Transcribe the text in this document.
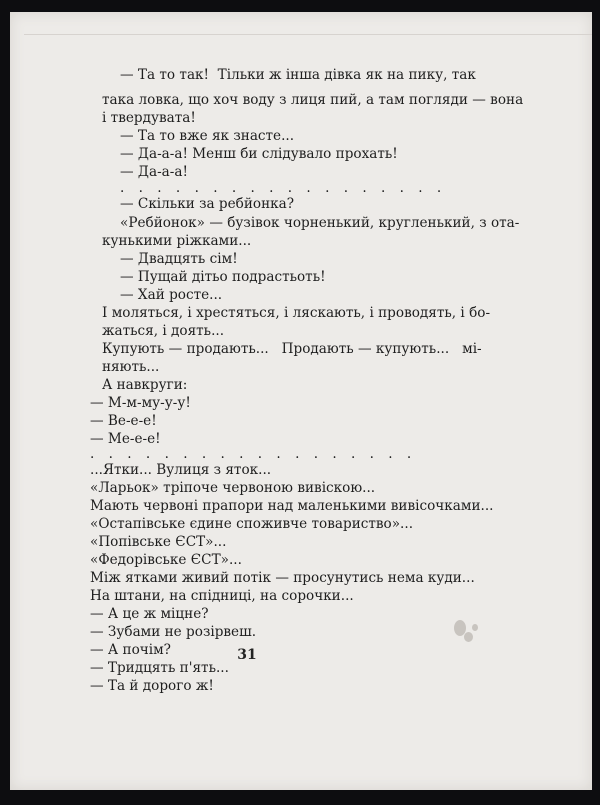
— Та то так!  Тільки ж інша дівка як на пику, так
така ловка, що хоч воду з лиця пий, а там погляди — вона
і твердувата!
— Та то вже як знасте...
— Да-а-а! Менш би слідувало прохать!
— Да-а-а!
. . . . . . . . . . . . . . . . . .
— Скільки за ребйонка?
«Ребйонок» — бузівок чорненький, кругленький, з ота-
кунькими ріжками...
— Двадцять сім!
— Пущай дітьо подрастьоть!
— Хай росте...
І моляться, і хрестяться, і ляскають, і проводять, і бо-
жаться, і доять...
Купують — продають...   Продають — купують...   мі-
няють...
А навкруги:
— М-м-му-у-у!
— Ве-е-е!
— Ме-е-е!
. . . . . . . . . . . . . . . . . .
...Ятки... Вулиця з яток...
«Ларьок» тріпоче червоною вивіскою...
Мають червоні прапори над маленькими вивісочками...
«Остапівське єдине споживче товариство»...
«Попівське ЄСТ»...
«Федорівське ЄСТ»...
Між ятками живий потік — просунутись нема куди...
На штани, на спідниці, на сорочки...
— А це ж міцне?
— Зубами не розірвеш.
— А почім?
— Тридцять п'ять...
— Та й дорого ж!
31
